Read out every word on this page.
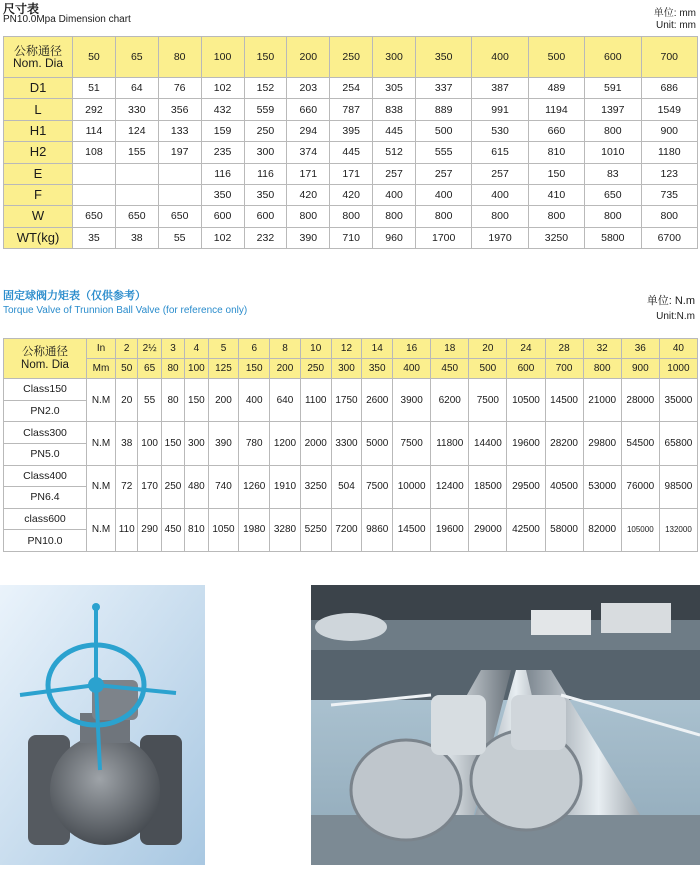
尺寸表
PN10.0Mpa Dimension chart
单位: mm
Unit: mm
公称通径
Nom. Dia	50	65	80	100	150	200	250	300	350	400	500	600	700
D1	51	64	76	102	152	203	254	305	337	387	489	591	686
L	292	330	356	432	559	660	787	838	889	991	1194	1397	1549
H1	114	124	133	159	250	294	395	445	500	530	660	800	900
H2	108	155	197	235	300	374	445	512	555	615	810	1010	1180
E				116	116	171	171	257	257	257	150	83	123
F				350	350	420	420	400	400	400	410	650	735
W	650	650	650	600	600	800	800	800	800	800	800	800	800
WT(kg)	35	38	55	102	232	390	710	960	1700	1970	3250	5800	6700
固定球阀力矩表（仅供参考）
Torque Valve of Trunnion Ball Valve (for reference only)
单位: N.m
Unit:N.m
公称通径
Nom. Dia	In	2	2½	3	4	5	6	8	10	12	14	16	18	20	24	28	32	36	40
	Mm	50	65	80	100	125	150	200	250	300	350	400	450	500	600	700	800	900	1000
Class150	N.M	20	55	80	150	200	400	640	1100	1750	2600	3900	6200	7500	10500	14500	21000	28000	35000
PN2.0																			
Class300	N.M	38	100	150	300	390	780	1200	2000	3300	5000	7500	11800	14400	19600	28200	29800	54500	65800
PN5.0																			
Class400	N.M	72	170	250	480	740	1260	1910	3250	504	7500	10000	12400	18500	29500	40500	53000	76000	98500
PN6.4																			
class600	N.M	110	290	450	810	1050	1980	3280	5250	7200	9860	14500	19600	29000	42500	58000	82000	105000	132000
PN10.0																			
